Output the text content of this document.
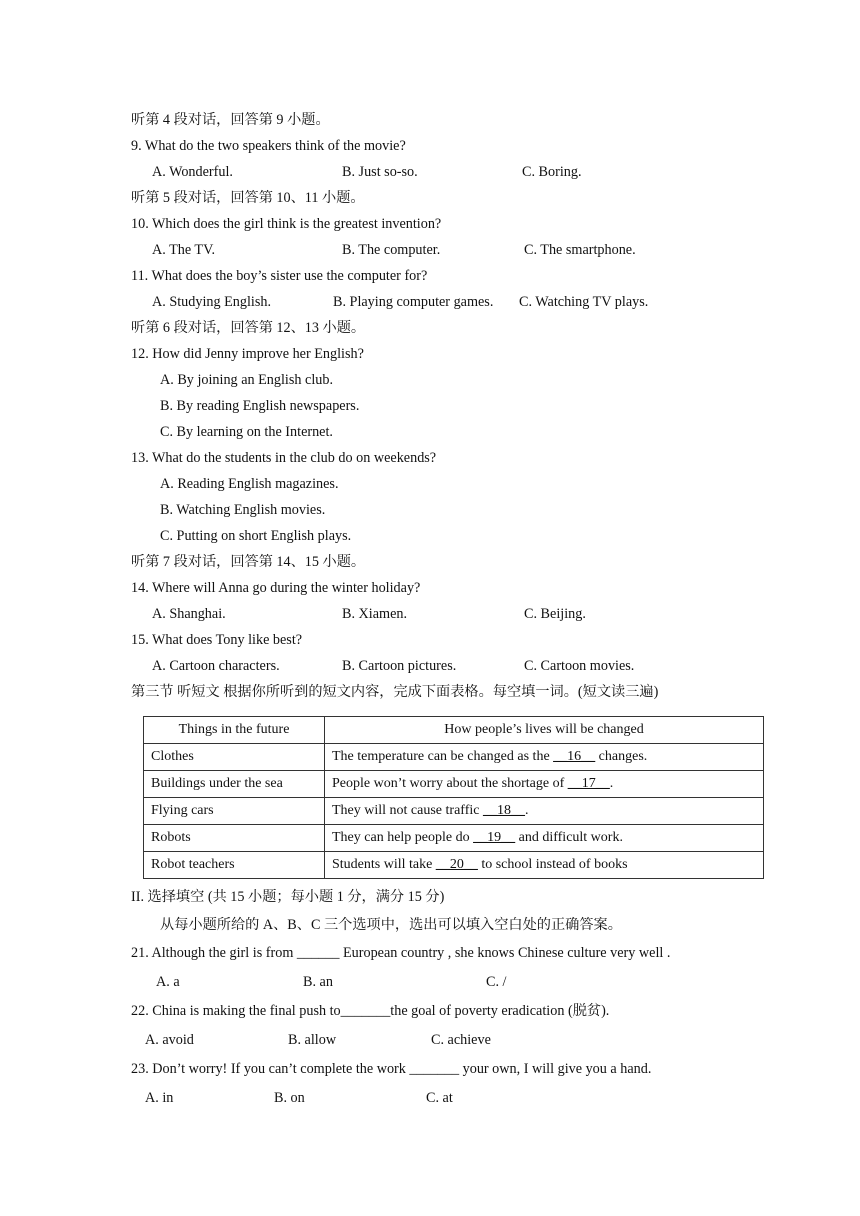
听第 4 段对话，回答第 9 小题。
9. What do the two speakers think of the movie?
A. Wonderful.	B. Just so-so.	C. Boring.
听第 5 段对话，回答第 10、11 小题。
10. Which does the girl think is the greatest invention?
A. The TV.	B. The computer.	C. The smartphone.
11. What does the boy’s sister use the computer for?
A. Studying English.	B. Playing computer games. C. Watching TV plays.
听第 6 段对话，回答第 12、13 小题。
12. How did Jenny improve her English?
A. By joining an English club.
B. By reading English newspapers.
C. By learning on the Internet.
13. What do the students in the club do on weekends?
A. Reading English magazines.
B. Watching English movies.
C. Putting on short English plays.
听第 7 段对话，回答第 14、15 小题。
14. Where will Anna go during the winter holiday?
A. Shanghai.	B. Xiamen.	C. Beijing.
15. What does Tony like best?
A. Cartoon characters.	B. Cartoon pictures.	C. Cartoon movies.
第三节 听短文 根据你所听到的短文内容，完成下面表格。每空填一词。(短文读三遍)
Things in the future	How people’s lives will be changed
Clothes	The temperature can be changed as the __16__ changes.
Buildings under the sea	People won’t worry about the shortage of __17__.
Flying cars	They will not cause traffic __18__.
Robots	They can help people do __19__ and difficult work.
Robot teachers	Students will take __20__ to school instead of books
II. 选择填空 (共 15 小题；每小题 1 分，满分 15 分)
从每小题所给的 A、B、C 三个选项中，选出可以填入空白处的正确答案。
21. Although the girl is from ______ European country , she knows Chinese culture very well .
A. a	B. an	C. /
22. China is making the final push to_______the goal of poverty eradication (脱贫).
A. avoid	B. allow	C. achieve
23. Don’t worry! If you can’t complete the work _______ your own, I will give you a hand.
A. in	B. on	C. at
